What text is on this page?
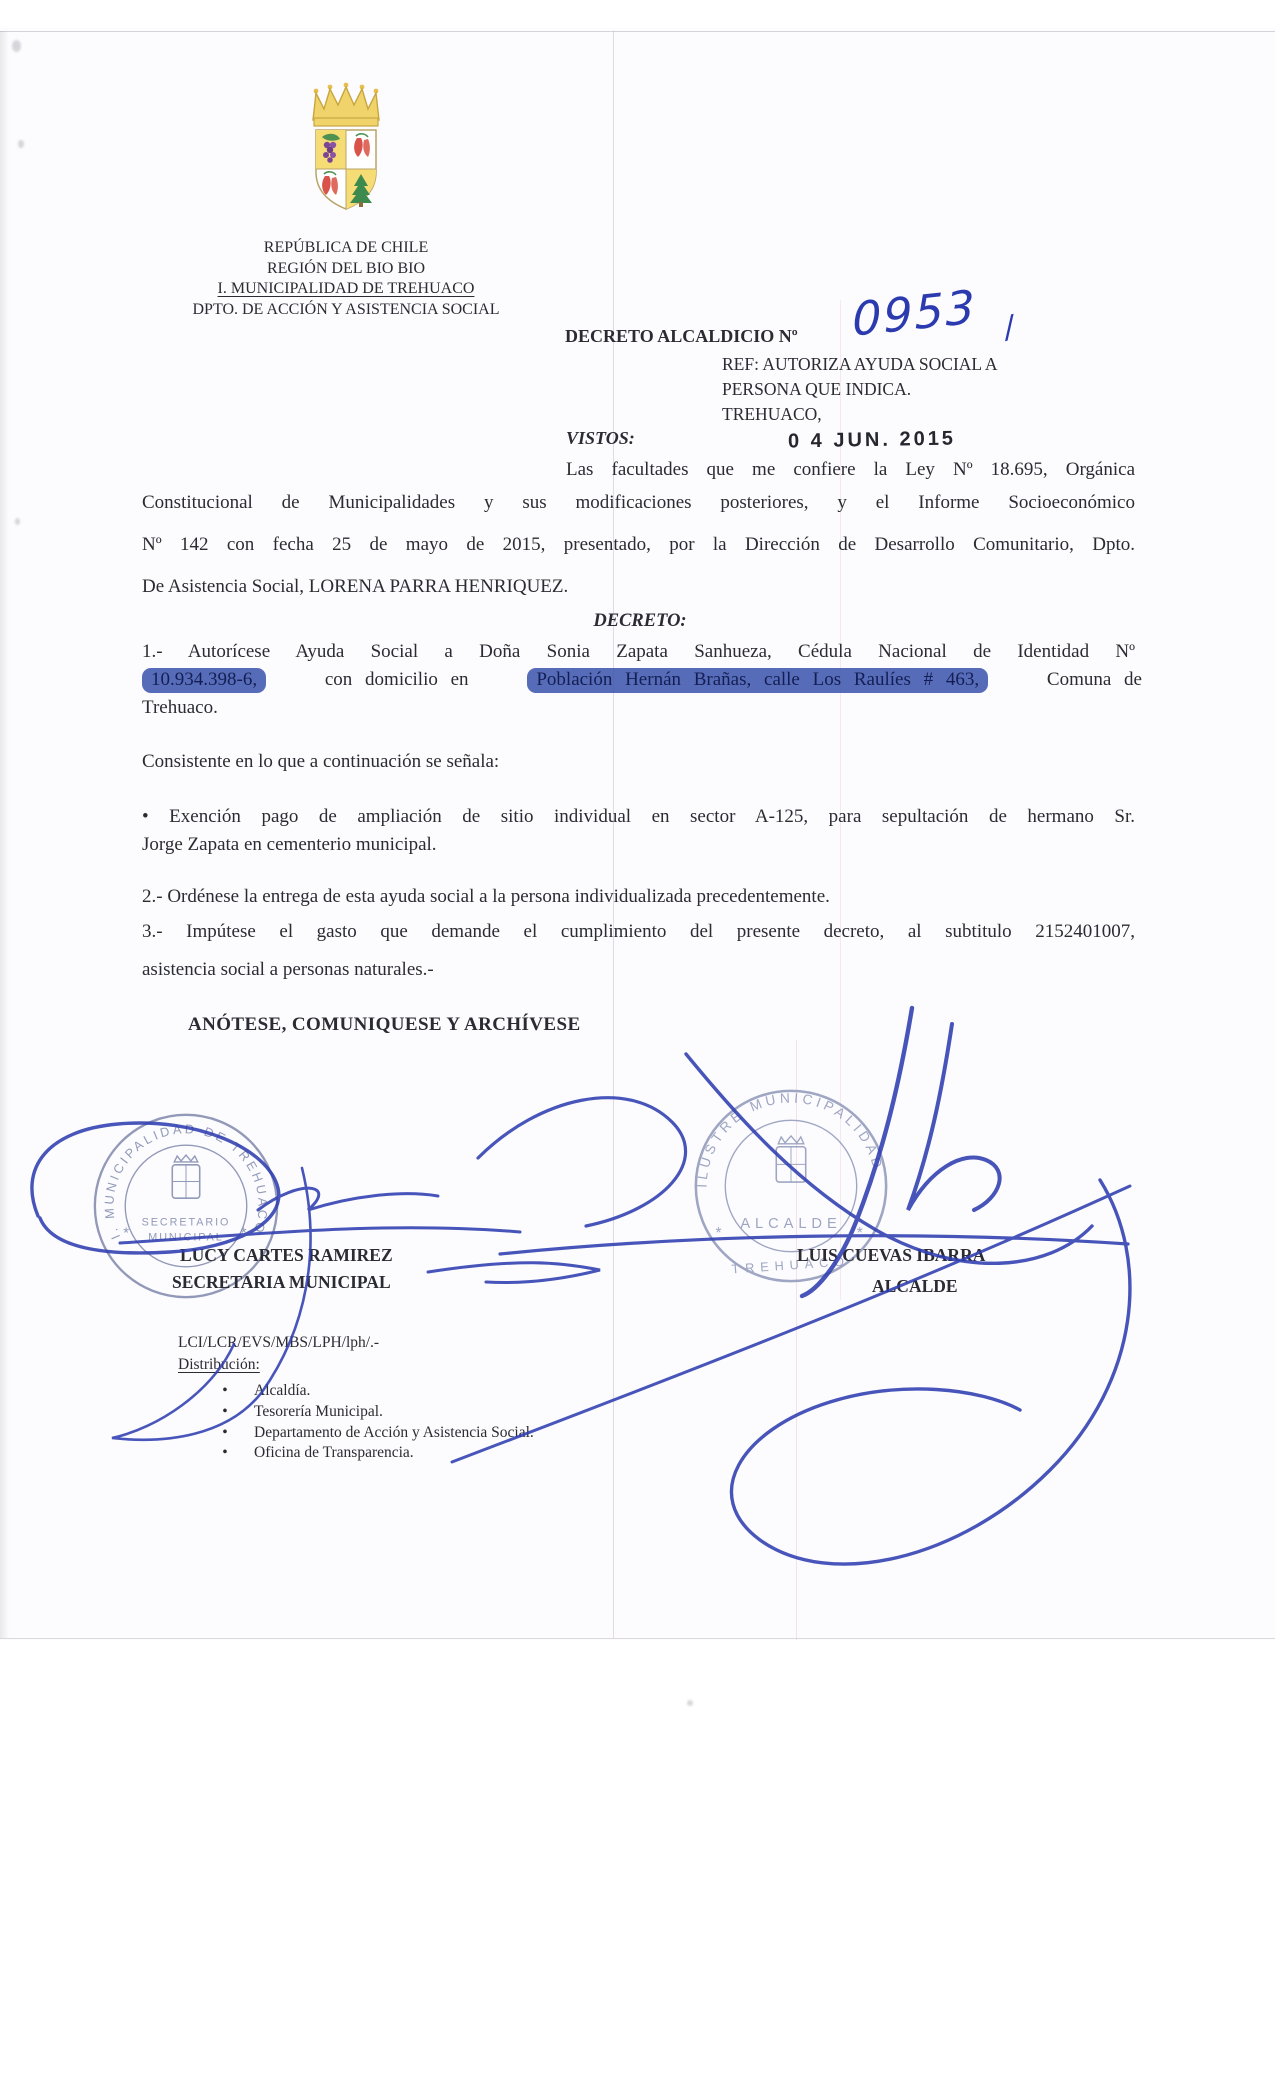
REPÚBLICA DE CHILE
REGIÓN DEL BIO BIO
I. MUNICIPALIDAD DE TREHUACO
DPTO. DE ACCIÓN Y ASISTENCIA SOCIAL
DECRETO ALCALDICIO Nº 0953 /
REF: AUTORIZA AYUDA SOCIAL A
PERSONA QUE INDICA.
TREHUACO,
VISTOS:	0 4 JUN. 2015
Las facultades que me confiere la Ley Nº 18.695, Orgánica
Constitucional de Municipalidades y sus modificaciones posteriores, y el Informe Socioeconómico
Nº 142 con fecha 25 de mayo de 2015, presentado, por la Dirección de Desarrollo Comunitario, Dpto.
De Asistencia Social, LORENA PARRA HENRIQUEZ.
DECRETO:
1.- Autorícese Ayuda Social a Doña Sonia Zapata Sanhueza, Cédula Nacional de Identidad Nº
10.934.398-6,	con domicilio en	Población Hernán Brañas, calle Los Raulíes # 463,	Comuna de
Trehuaco.
Consistente en lo que a continuación se señala:
• Exención pago de ampliación de sitio individual en sector A-125, para sepultación de hermano Sr.
Jorge Zapata en cementerio municipal.
2.- Ordénese la entrega de esta ayuda social a la persona individualizada precedentemente.
3.- Impútese el gasto que demande el cumplimiento del presente decreto, al subtitulo 2152401007,
asistencia social a personas naturales.-
ANÓTESE, COMUNIQUESE Y ARCHÍVESE
I. MUNICIPALIDAD DE TREHUACO
SECRETARIO
MUNICIPAL
*	*
ILUSTRE MUNICIPALIDAD
ALCALDE
TREHUACO
*	*
LUCY CARTES RAMIREZ
SECRETARIA MUNICIPAL
LUIS CUEVAS IBARRA
ALCALDE
LCI/LCR/EVS/MBS/LPH/lph/.-
Distribución:
•	Alcaldía.
•	Tesorería Municipal.
•	Departamento de Acción y Asistencia Social.
•	Oficina de Transparencia.
